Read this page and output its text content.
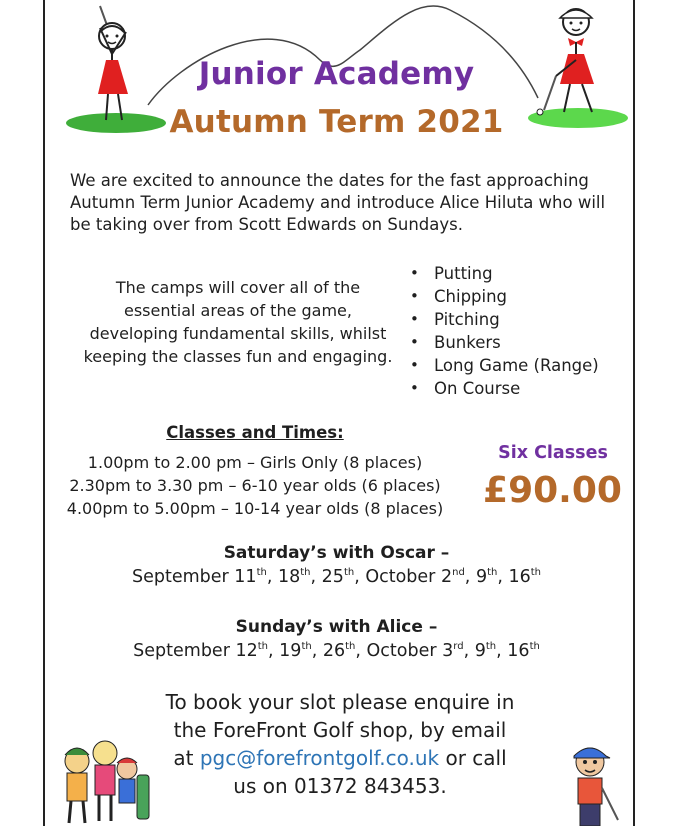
Junior Academy
Autumn Term 2021
We are excited to announce the dates for the fast approaching Autumn Term Junior Academy and introduce Alice Hiluta who will be taking over from Scott Edwards on Sundays.
The camps will cover all of the essential areas of the game, developing fundamental skills, whilst keeping the classes fun and engaging.
• Putting
• Chipping
• Pitching
• Bunkers
• Long Game (Range)
• On Course
Classes and Times:
1.00pm to 2.00 pm – Girls Only (8 places)
2.30pm to 3.30 pm – 6-10 year olds (6 places)
4.00pm to 5.00pm – 10-14 year olds (8 places)
Six Classes
£90.00
Saturday’s with Oscar –
September 11th, 18th, 25th, October 2nd, 9th, 16th
Sunday’s with Alice –
September 12th, 19th, 26th, October 3rd, 9th, 16th
To book your slot please enquire in
the ForeFront Golf shop, by email
at pgc@forefrontgolf.co.uk or call
us on 01372 843453.
